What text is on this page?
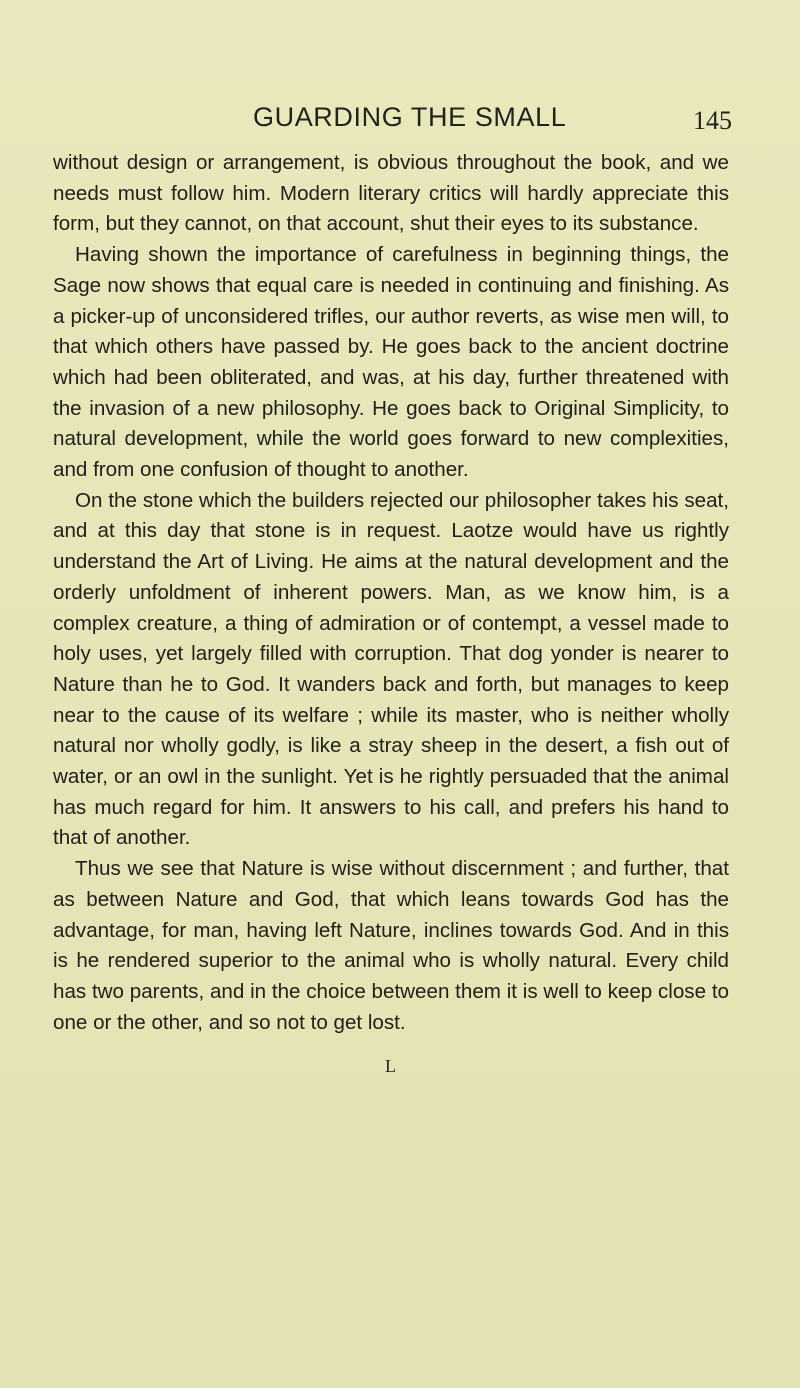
GUARDING THE SMALL	145

without design or arrangement, is obvious throughout the book, and we needs must follow him. Modern literary critics will hardly appreciate this form, but they cannot, on that account, shut their eyes to its substance.

Having shown the importance of carefulness in beginning things, the Sage now shows that equal care is needed in continuing and finishing. As a picker-up of unconsidered trifles, our author reverts, as wise men will, to that which others have passed by. He goes back to the ancient doctrine which had been obliterated, and was, at his day, further threatened with the invasion of a new philosophy. He goes back to Original Simplicity, to natural development, while the world goes forward to new complexities, and from one confusion of thought to another.

On the stone which the builders rejected our philosopher takes his seat, and at this day that stone is in request. Laotze would have us rightly understand the Art of Living. He aims at the natural development and the orderly unfoldment of inherent powers. Man, as we know him, is a complex creature, a thing of admiration or of contempt, a vessel made to holy uses, yet largely filled with corruption. That dog yonder is nearer to Nature than he to God. It wanders back and forth, but manages to keep near to the cause of its welfare ; while its master, who is neither wholly natural nor wholly godly, is like a stray sheep in the desert, a fish out of water, or an owl in the sunlight. Yet is he rightly persuaded that the animal has much regard for him. It answers to his call, and prefers his hand to that of another.

Thus we see that Nature is wise without discernment ; and further, that as between Nature and God, that which leans towards God has the advantage, for man, having left Nature, inclines towards God. And in this is he rendered superior to the animal who is wholly natural. Every child has two parents, and in the choice between them it is well to keep close to one or the other, and so not to get lost.

L
